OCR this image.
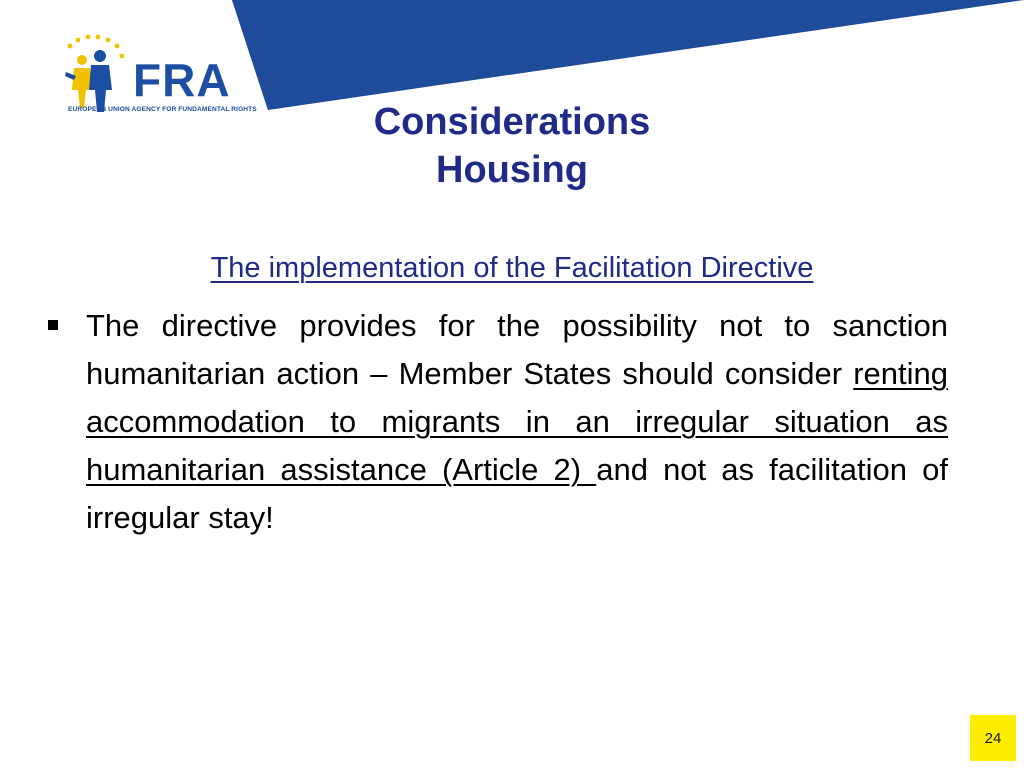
FRA
EUROPEAN UNION AGENCY FOR FUNDAMENTAL RIGHTS	Considerations
Housing
The implementation of the Facilitation Directive
The directive provides for the possibility not to sanction humanitarian action – Member States should consider renting accommodation to migrants in an irregular situation as humanitarian assistance (Article 2) and not as facilitation of irregular stay!
24
